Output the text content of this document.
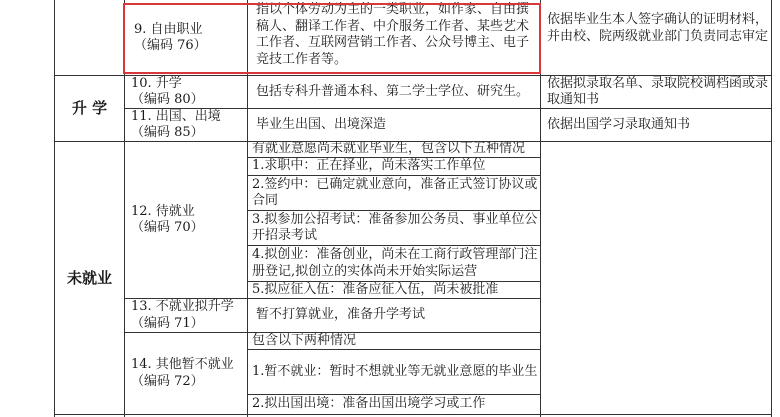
升 学
未就业
9. 自由职业
（编码 76）
指以个体劳动为主的一类职业，如作家、自由撰稿人、翻译工作者、中介服务工作者、某些艺术工作者、互联网营销工作者、公众号博主、电子竞技工作者等。
依据毕业生本人签字确认的证明材料，并由校、院两级就业部门负责同志审定
10. 升学
（编码 80）
包括专科升普通本科、第二学士学位、研究生。
依据拟录取名单、录取院校调档函或录取通知书
11. 出国、出境
（编码 85）
毕业生出国、出境深造	依据出国学习录取通知书
12. 待就业
（编码 70）
有就业意愿尚未就业毕业生，包含以下五种情况
1.求职中：正在择业，尚未落实工作单位
2.签约中：已确定就业意向，准备正式签订协议或合同
3.拟参加公招考试：准备参加公务员、事业单位公开招录考试
4.拟创业：准备创业，尚未在工商行政管理部门注册登记,拟创立的实体尚未开始实际运营
5.拟应征入伍：准备应征入伍，尚未被批准
13. 不就业拟升学
（编码 71）
暂不打算就业，准备升学考试
14. 其他暂不就业
（编码 72）
包含以下两种情况
1.暂不就业：暂时不想就业等无就业意愿的毕业生
2.拟出国出境：准备出国出境学习或工作
